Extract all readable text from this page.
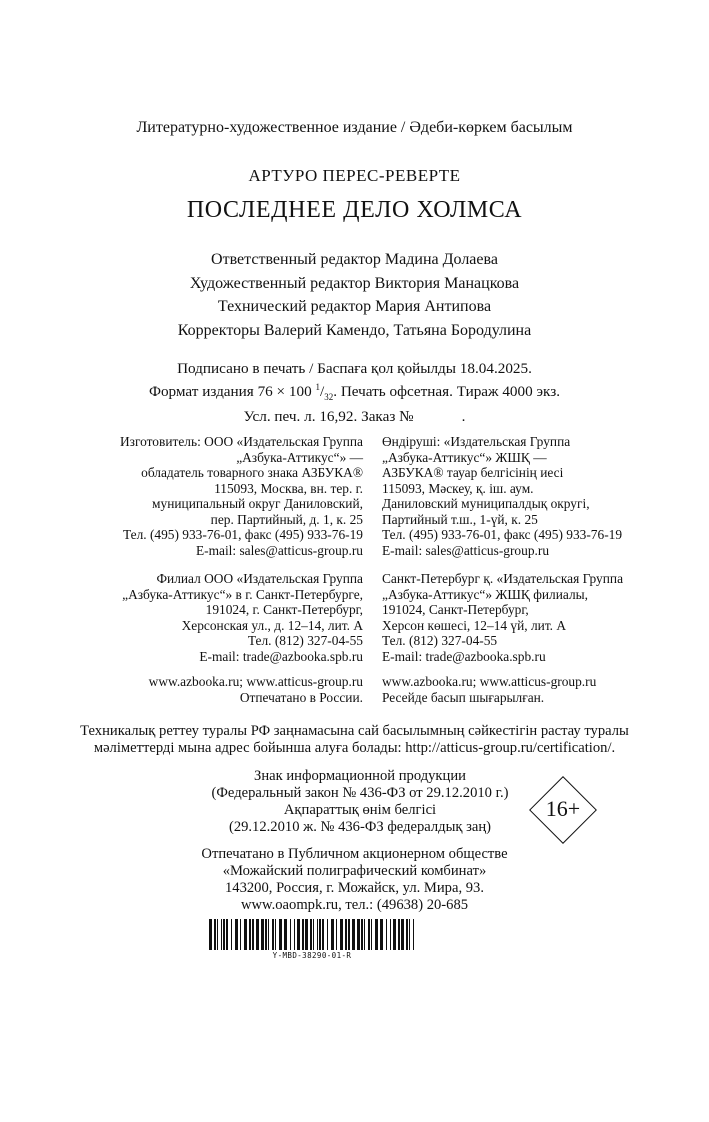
Литературно-художественное издание / Әдеби-көркем басылым
АРТУРО ПЕРЕС-РЕВЕРТЕ
ПОСЛЕДНЕЕ ДЕЛО ХОЛМСА
Ответственный редактор Мадина Долаева
Художественный редактор Виктория Манацкова
Технический редактор Мария Антипова
Корректоры Валерий Камендо, Татьяна Бородулина
Подписано в печать / Баспаға қол қойылды 18.04.2025.
Формат издания 76 × 100 $^1/_{32}$. Печать офсетная. Тираж 4000 экз.
Усл. печ. л. 16,92. Заказ №	.
Изготовитель: ООО «Издательская Группа
„Азбука-Аттикус“» —
обладатель товарного знака АЗБУКА®
115093, Москва, вн. тер. г.
муниципальный округ Даниловский,
пер. Партийный, д. 1, к. 25
Тел. (495) 933-76-01, факс (495) 933-76-19
E-mail: sales@atticus-group.ru
Өндіруші: «Издательская Группа
„Азбука-Аттикус“» ЖШҚ —
АЗБУКА® тауар белгісінің иесі
115093, Мәскеу, қ. іш. аум.
Даниловский муниципалдық округі,
Партийный т.ш., 1-үй, к. 25
Тел. (495) 933-76-01, факс (495) 933-76-19
E-mail: sales@atticus-group.ru
Филиал ООО «Издательская Группа
„Азбука-Аттикус“» в г. Санкт-Петербурге,
191024, г. Санкт-Петербург,
Херсонская ул., д. 12–14, лит. А
Тел. (812) 327-04-55
E-mail: trade@azbooka.spb.ru
Санкт-Петербург қ. «Издательская Группа
„Азбука-Аттикус“» ЖШҚ филиалы,
191024, Санкт-Петербург,
Херсон көшесі, 12–14 үй, лит. А
Тел. (812) 327-04-55
E-mail: trade@azbooka.spb.ru
www.azbooka.ru; www.atticus-group.ru
Отпечатано в России.
www.azbooka.ru; www.atticus-group.ru
Ресейде басып шығарылған.
Техникалық реттеу туралы РФ заңнамасына сай басылымның сәйкестігін растау туралы
мәліметтерді мына адрес бойынша алуға болады: http://atticus-group.ru/certification/.
Знак информационной продукции
(Федеральный закон № 436-ФЗ от 29.12.2010 г.)
Ақпараттық өнім белгісі
(29.12.2010 ж. № 436-ФЗ федералдық заң)
16+
Отпечатано в Публичном акционерном обществе
«Можайский полиграфический комбинат»
143200, Россия, г. Можайск, ул. Мира, 93.
www.oaompk.ru, тел.: (49638) 20-685
Y-MBD-38290-01-R
